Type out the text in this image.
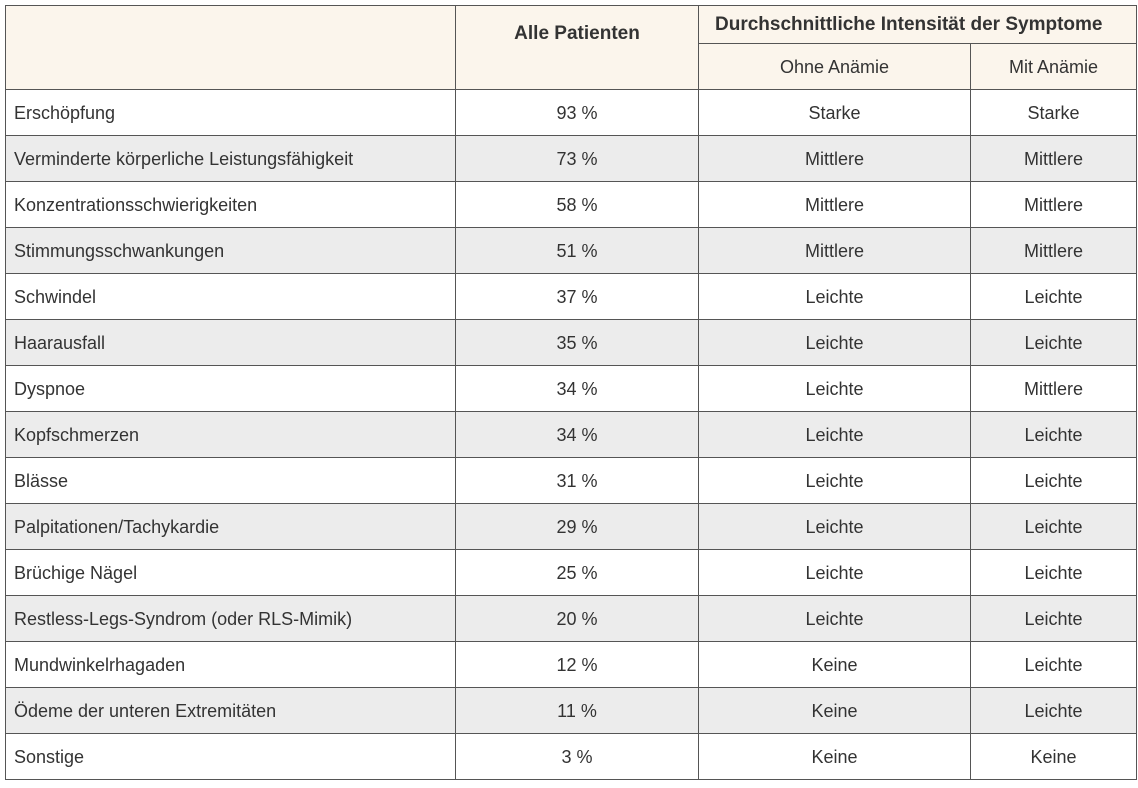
	Alle Patienten	Durchschnittliche Intensität der Symptome	
		Ohne Anämie	Mit Anämie
Erschöpfung	93 %	Starke	Starke
Verminderte körperliche Leistungsfähigkeit	73 %	Mittlere	Mittlere
Konzentrationsschwierigkeiten	58 %	Mittlere	Mittlere
Stimmungsschwankungen	51 %	Mittlere	Mittlere
Schwindel	37 %	Leichte	Leichte
Haarausfall	35 %	Leichte	Leichte
Dyspnoe	34 %	Leichte	Mittlere
Kopfschmerzen	34 %	Leichte	Leichte
Blässe	31 %	Leichte	Leichte
Palpitationen/Tachykardie	29 %	Leichte	Leichte
Brüchige Nägel	25 %	Leichte	Leichte
Restless-Legs-Syndrom (oder RLS-Mimik)	20 %	Leichte	Leichte
Mundwinkelrhagaden	12 %	Keine	Leichte
Ödeme der unteren Extremitäten	11 %	Keine	Leichte
Sonstige	3 %	Keine	Keine
